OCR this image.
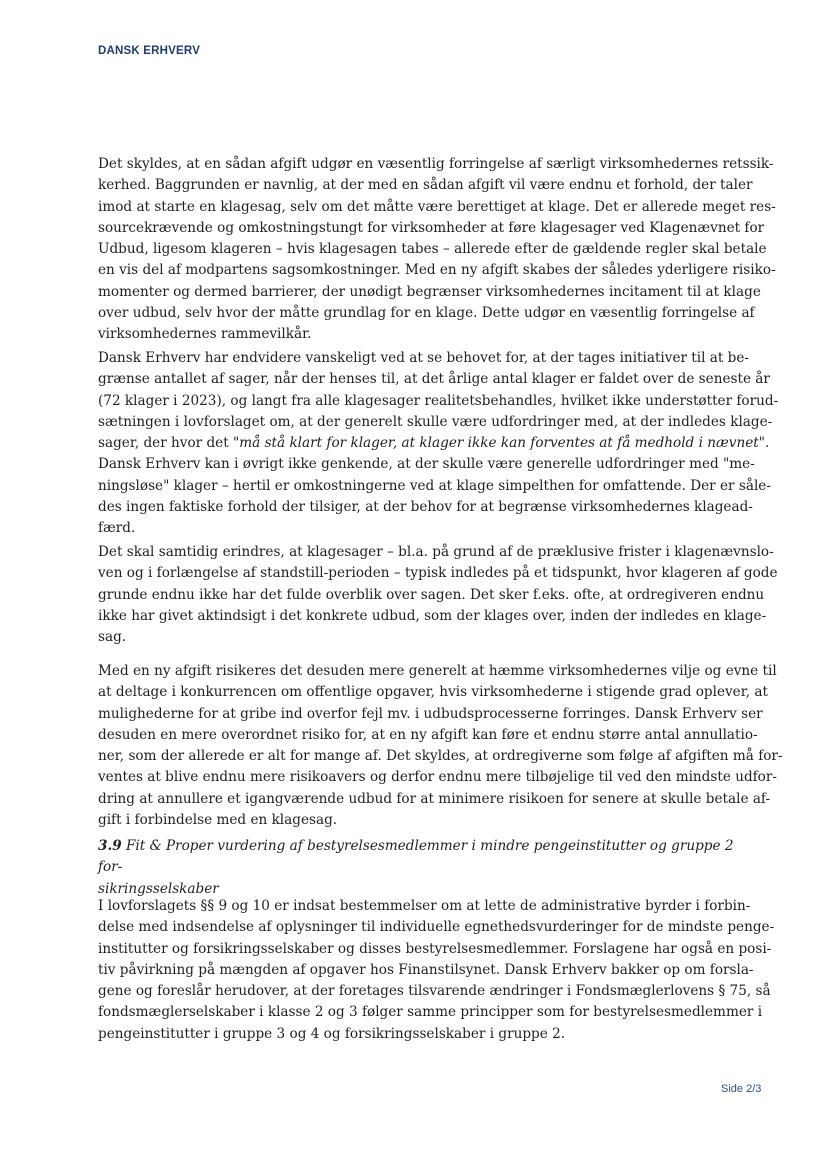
DANSK ERHVERV
Det skyldes, at en sådan afgift udgør en væsentlig forringelse af særligt virksomhedernes retssik-
kerhed. Baggrunden er navnlig, at der med en sådan afgift vil være endnu et forhold, der taler
imod at starte en klagesag, selv om det måtte være berettiget at klage. Det er allerede meget res-
sourcekrævende og omkostningstungt for virksomheder at føre klagesager ved Klagenævnet for
Udbud, ligesom klageren – hvis klagesagen tabes – allerede efter de gældende regler skal betale
en vis del af modpartens sagsomkostninger. Med en ny afgift skabes der således yderligere risiko-
momenter og dermed barrierer, der unødigt begrænser virksomhedernes incitament til at klage
over udbud, selv hvor der måtte grundlag for en klage. Dette udgør en væsentlig forringelse af
virksomhedernes rammevilkår.
Dansk Erhverv har endvidere vanskeligt ved at se behovet for, at der tages initiativer til at be-
grænse antallet af sager, når der henses til, at det årlige antal klager er faldet over de seneste år
(72 klager i 2023), og langt fra alle klagesager realitetsbehandles, hvilket ikke understøtter forud-
sætningen i lovforslaget om, at der generelt skulle være udfordringer med, at der indledes klage-
sager, der hvor det "må stå klart for klager, at klager ikke kan forventes at få medhold i nævnet".
Dansk Erhverv kan i øvrigt ikke genkende, at der skulle være generelle udfordringer med "me-
ningsløse" klager – hertil er omkostningerne ved at klage simpelthen for omfattende. Der er såle-
des ingen faktiske forhold der tilsiger, at der behov for at begrænse virksomhedernes klagead-
færd.
Det skal samtidig erindres, at klagesager – bl.a. på grund af de præklusive frister i klagenævnslo-
ven og i forlængelse af standstill-perioden – typisk indledes på et tidspunkt, hvor klageren af gode
grunde endnu ikke har det fulde overblik over sagen. Det sker f.eks. ofte, at ordregiveren endnu
ikke har givet aktindsigt i det konkrete udbud, som der klages over, inden der indledes en klage-
sag.
Med en ny afgift risikeres det desuden mere generelt at hæmme virksomhedernes vilje og evne til
at deltage i konkurrencen om offentlige opgaver, hvis virksomhederne i stigende grad oplever, at
mulighederne for at gribe ind overfor fejl mv. i udbudsprocesserne forringes. Dansk Erhverv ser
desuden en mere overordnet risiko for, at en ny afgift kan føre et endnu større antal annullatio-
ner, som der allerede er alt for mange af. Det skyldes, at ordregiverne som følge af afgiften må for-
ventes at blive endnu mere risikoavers og derfor endnu mere tilbøjelige til ved den mindste udfor-
dring at annullere et igangværende udbud for at minimere risikoen for senere at skulle betale af-
gift i forbindelse med en klagesag.
3.9 Fit & Proper vurdering af bestyrelsesmedlemmer i mindre pengeinstitutter og gruppe 2 for-
sikringsselskaber
I lovforslagets §§ 9 og 10 er indsat bestemmelser om at lette de administrative byrder i forbin-
delse med indsendelse af oplysninger til individuelle egnethedsvurderinger for de mindste penge-
institutter og forsikringsselskaber og disses bestyrelsesmedlemmer. Forslagene har også en posi-
tiv påvirkning på mængden af opgaver hos Finanstilsynet. Dansk Erhverv bakker op om forsla-
gene og foreslår herudover, at der foretages tilsvarende ændringer i Fondsmæglerlovens § 75, så
fondsmæglerselskaber i klasse 2 og 3 følger samme principper som for bestyrelsesmedlemmer i
pengeinstitutter i gruppe 3 og 4 og forsikringsselskaber i gruppe 2.
Side 2/3
